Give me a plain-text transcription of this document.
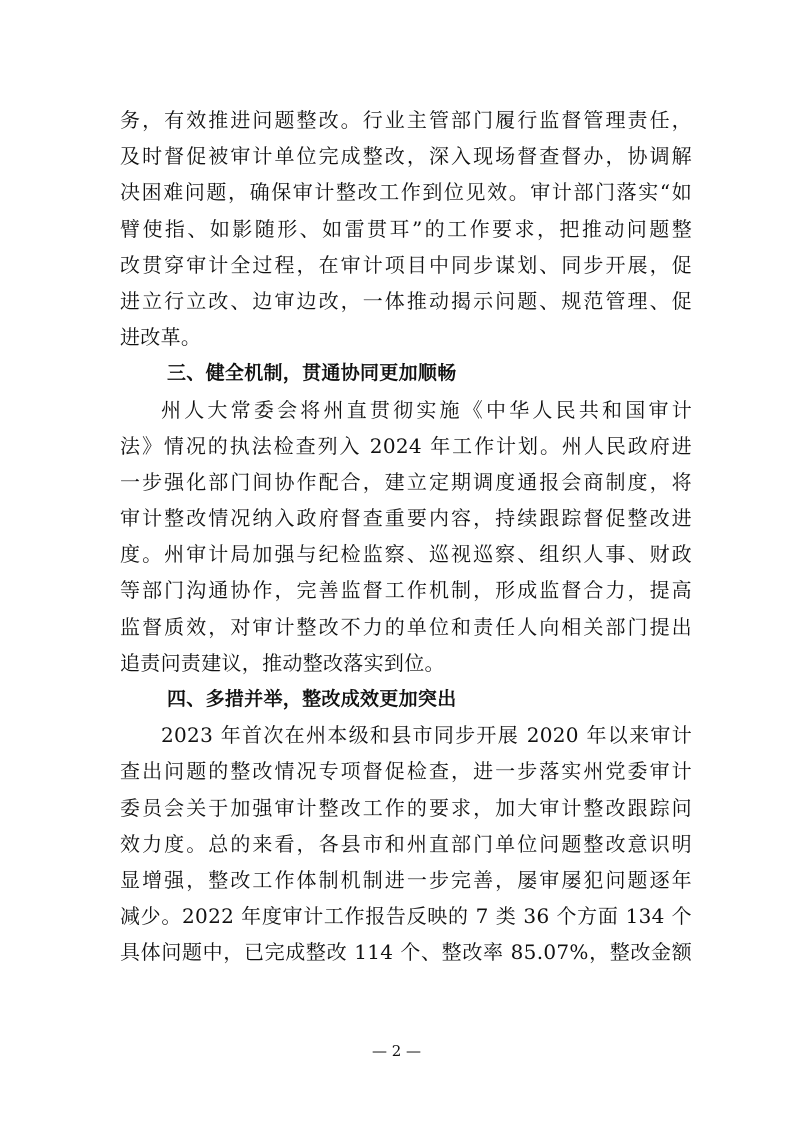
务，有效推进问题整改。行业主管部门履行监督管理责任，
及时督促被审计单位完成整改，深入现场督查督办，协调解
决困难问题，确保审计整改工作到位见效。审计部门落实“如
臂使指、如影随形、如雷贯耳”的工作要求，把推动问题整
改贯穿审计全过程，在审计项目中同步谋划、同步开展，促
进立行立改、边审边改，一体推动揭示问题、规范管理、促
进改革。
三、健全机制，贯通协同更加顺畅
州人大常委会将州直贯彻实施《中华人民共和国审计
法》情况的执法检查列入 2024 年工作计划。州人民政府进
一步强化部门间协作配合，建立定期调度通报会商制度，将
审计整改情况纳入政府督查重要内容，持续跟踪督促整改进
度。州审计局加强与纪检监察、巡视巡察、组织人事、财政
等部门沟通协作，完善监督工作机制，形成监督合力，提高
监督质效，对审计整改不力的单位和责任人向相关部门提出
追责问责建议，推动整改落实到位。
四、多措并举，整改成效更加突出
2023 年首次在州本级和县市同步开展 2020 年以来审计
查出问题的整改情况专项督促检查，进一步落实州党委审计
委员会关于加强审计整改工作的要求，加大审计整改跟踪问
效力度。总的来看，各县市和州直部门单位问题整改意识明
显增强，整改工作体制机制进一步完善，屡审屡犯问题逐年
减少。2022 年度审计工作报告反映的 7 类 36 个方面 134 个
具体问题中，已完成整改 114 个、整改率 85.07%，整改金额
— 2 —
